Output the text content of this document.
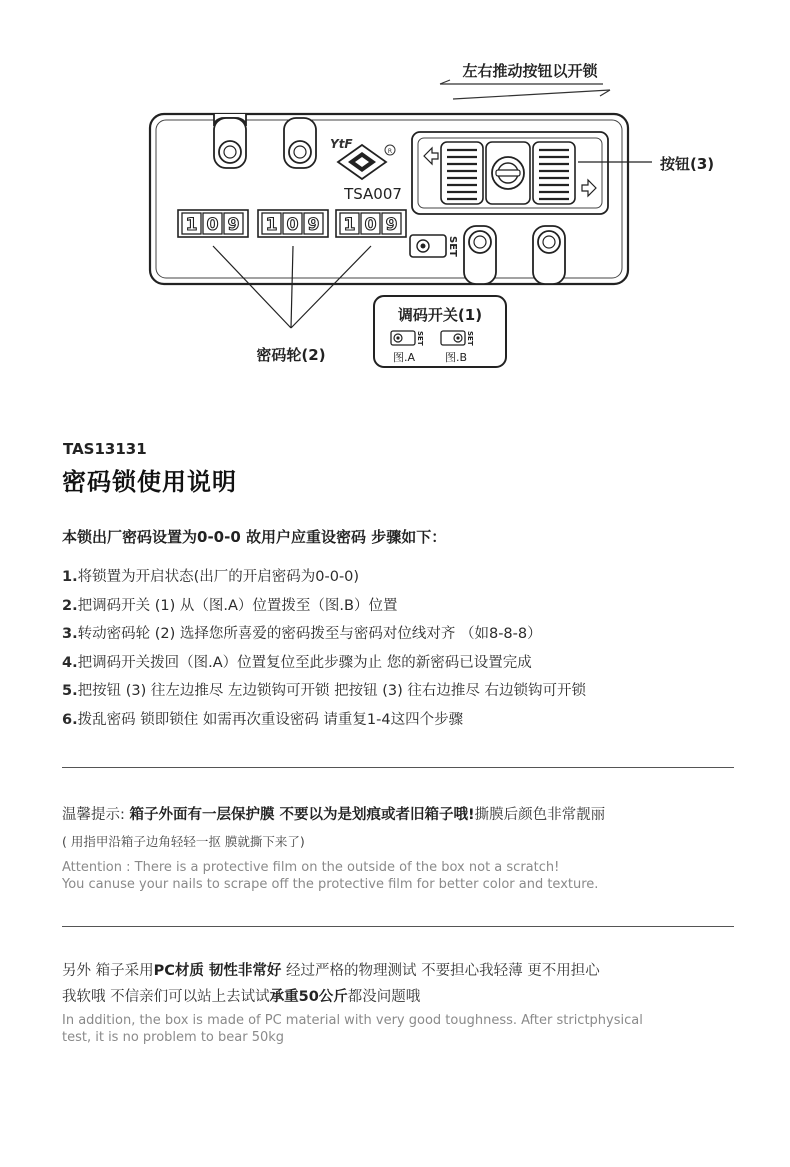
左右推动按钮以开锁
YtF
R
TSA007
按钮(3)
1 0 9 1 0 9 1 0 9
SET
密码轮(2)
调码开关(1)
SET	SET
图.A	图.B
TAS13131
密码锁使用说明
本锁出厂密码设置为0-0-0 故用户应重设密码 步骤如下：
1.将锁置为开启状态(出厂的开启密码为0-0-0)
2.把调码开关 (1) 从（图.A）位置拨至（图.B）位置
3.转动密码轮 (2) 选择您所喜爱的密码拨至与密码对位线对齐 （如8-8-8）
4.把调码开关拨回（图.A）位置复位至此步骤为止 您的新密码已设置完成
5.把按钮 (3) 往左边推尽 左边锁钩可开锁 把按钮 (3) 往右边推尽 右边锁钩可开锁
6.拨乱密码 锁即锁住 如需再次重设密码 请重复1-4这四个步骤
温馨提示: 箱子外面有一层保护膜 不要以为是划痕或者旧箱子哦!撕膜后颜色非常靓丽
( 用指甲沿箱子边角轻轻一抠 膜就撕下来了)
Attention : There is a protective film on the outside of the box not a scratch!
You canuse your nails to scrape off the protective film for better color and texture.
另外 箱子采用PC材质 韧性非常好 经过严格的物理测试 不要担心我轻薄 更不用担心
我软哦 不信亲们可以站上去试试承重50公斤都没问题哦
In addition, the box is made of PC material with very good toughness. After strictphysical
test, it is no problem to bear 50kg
